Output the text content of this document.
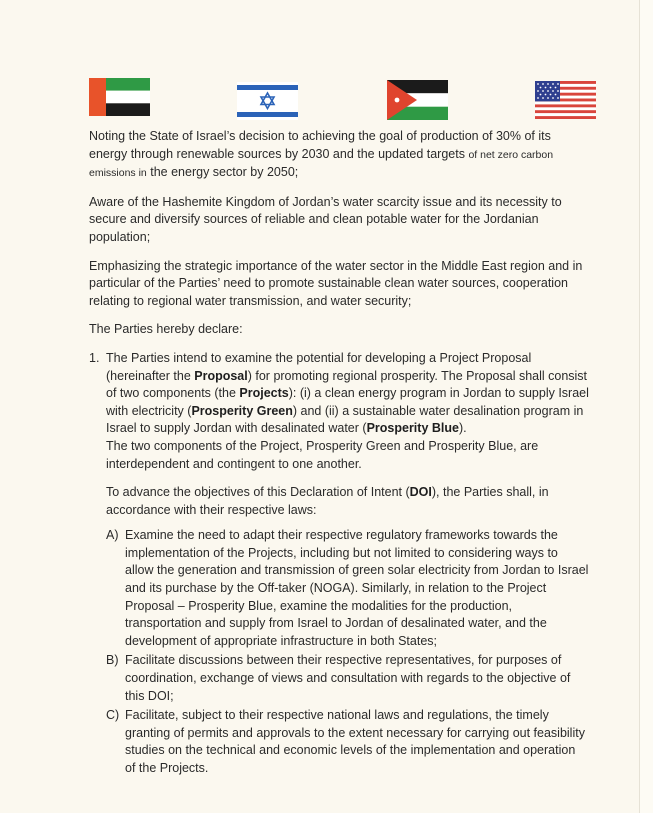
Noting the State of Israel’s decision to achieving the goal of production of 30% of its energy through renewable sources by 2030 and the updated targets of net zero carbon emissions in the energy sector by 2050;

Aware of the Hashemite Kingdom of Jordan’s water scarcity issue and its necessity to secure and diversify sources of reliable and clean potable water for the Jordanian population;

Emphasizing the strategic importance of the water sector in the Middle East region and in particular of the Parties’ need to promote sustainable clean water sources, cooperation relating to regional water transmission, and water security;

The Parties hereby declare:

1. The Parties intend to examine the potential for developing a Project Proposal (hereinafter the Proposal) for promoting regional prosperity. The Proposal shall consist of two components (the Projects): (i) a clean energy program in Jordan to supply Israel with electricity (Prosperity Green) and (ii) a sustainable water desalination program in Israel to supply Jordan with desalinated water (Prosperity Blue).
The two components of the Project, Prosperity Green and Prosperity Blue, are interdependent and contingent to one another.
To advance the objectives of this Declaration of Intent (DOI), the Parties shall, in accordance with their respective laws:
A) Examine the need to adapt their respective regulatory frameworks towards the implementation of the Projects, including but not limited to considering ways to allow the generation and transmission of green solar electricity from Jordan to Israel and its purchase by the Off-taker (NOGA). Similarly, in relation to the Project Proposal – Prosperity Blue, examine the modalities for the production, transportation and supply from Israel to Jordan of desalinated water, and the development of appropriate infrastructure in both States;
B) Facilitate discussions between their respective representatives, for purposes of coordination, exchange of views and consultation with regards to the objective of this DOI;
C) Facilitate, subject to their respective national laws and regulations, the timely granting of permits and approvals to the extent necessary for carrying out feasibility studies on the technical and economic levels of the implementation and operation of the Projects.
